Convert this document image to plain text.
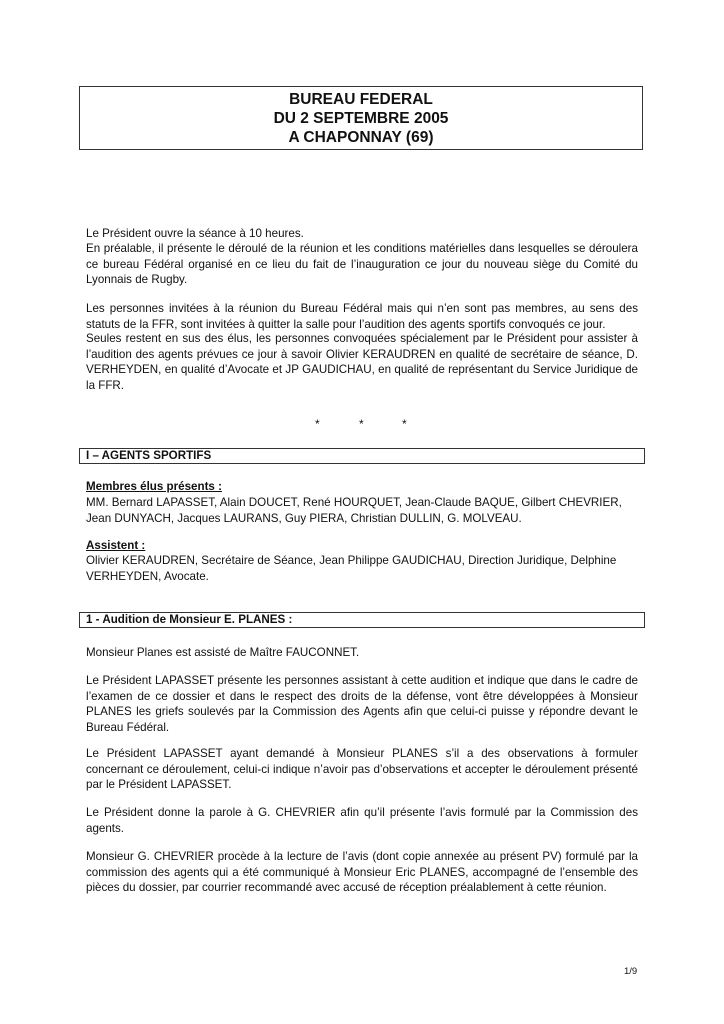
BUREAU FEDERAL
DU 2 SEPTEMBRE 2005
A CHAPONNAY (69)

Le Président ouvre la séance à 10 heures.

En préalable, il présente le déroulé de la réunion et les conditions matérielles dans lesquelles se déroulera ce bureau Fédéral organisé en ce lieu du fait de l’inauguration ce jour du nouveau siège du Comité du Lyonnais de Rugby.

Les personnes invitées à la réunion du Bureau Fédéral mais qui n’en sont pas membres, au sens des statuts de la FFR, sont invitées à quitter la salle pour l’audition des agents sportifs convoqués ce jour.

Seules restent en sus des élus, les personnes convoquées spécialement par le Président pour assister à l’audition des agents prévues ce jour à savoir Olivier KERAUDREN en qualité de secrétaire de séance, D. VERHEYDEN, en qualité d’Avocate et JP GAUDICHAU, en qualité de représentant du Service Juridique de la FFR.

*	*	*
I – AGENTS SPORTIFS

Membres élus présents :

MM. Bernard LAPASSET, Alain DOUCET, René HOURQUET, Jean-Claude BAQUE, Gilbert CHEVRIER, Jean DUNYACH, Jacques LAURANS, Guy PIERA, Christian DULLIN, G. MOLVEAU.

Assistent :

Olivier KERAUDREN, Secrétaire de Séance, Jean Philippe GAUDICHAU, Direction Juridique, Delphine VERHEYDEN, Avocate.

1 - Audition de Monsieur E. PLANES :

Monsieur Planes est assisté de Maître FAUCONNET.

Le Président LAPASSET présente les personnes assistant à cette audition et indique que dans le cadre de l’examen de ce dossier et dans le respect des droits de la défense, vont être développées à Monsieur PLANES les griefs soulevés par la Commission des Agents afin que celui-ci puisse y répondre devant le Bureau Fédéral.

Le Président LAPASSET ayant demandé à Monsieur PLANES s’il a des observations à formuler concernant ce déroulement, celui-ci indique n’avoir pas d’observations et accepter le déroulement présenté par le Président LAPASSET.

Le Président donne la parole à G. CHEVRIER afin qu’il présente l’avis formulé par la Commission des agents.

Monsieur G. CHEVRIER procède à la lecture de l’avis (dont copie annexée au présent PV) formulé par la commission des agents qui a été communiqué à Monsieur Eric PLANES, accompagné de l’ensemble des pièces du dossier, par courrier recommandé avec accusé de réception préalablement à cette réunion.

1/9
